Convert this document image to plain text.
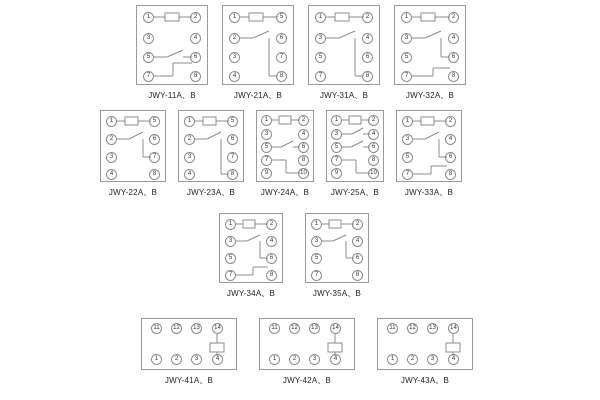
1
3
5
7
2
4
6
8
JWY-11A、B
1
2
3
4
5
6
7
8
JWY-21A、B
1
3
5
7
2
4
6
8
JWY-31A、B
1
3
5
7
2
4
6
8
JWY-32A、B
1
2
3
4
5
6
7
8
JWY-22A、B
1
2
3
4
5
6
7
8
JWY-23A、B
1
3
5
7
9
2
4
6
8
10
JWY-24A、B
1
3
5
7
9
2
4
6
8
10
JWY-25A、B
1
3
5
7
2
4
6
8
JWY-33A、B
1
3
5
7
2
4
6
8
JWY-34A、B
1
3
5
7
2
4
6
8
JWY-35A、B
11	12	13	14
1	2	3	4
JWY-41A、B
11	12	13	14
1	2	3	4
JWY-42A、B
11	12	13	14
1	2	3	4
JWY-43A、B
